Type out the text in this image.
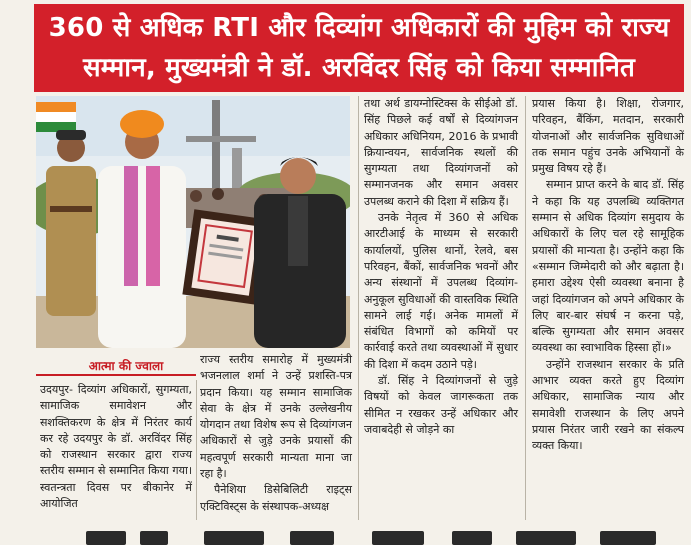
360 से अधिक RTI और दिव्यांग अधिकारों की मुहिम को राज्य
सम्मान, मुख्यमंत्री ने डॉ. अरविंदर सिंह को किया सम्मानित
आत्मा की ज्वाला

उदयपुर- दिव्यांग अधिकारों, सुगम्यता, सामाजिक समावेशन और सशक्तिकरण के क्षेत्र में निरंतर कार्य कर रहे उदयपुर के डॉ. अरविंदर सिंह को राजस्थान सरकार द्वारा राज्य स्तरीय सम्मान से सम्मानित किया गया। स्वतन्त्रता दिवस पर बीकानेर में आयोजित

राज्य स्तरीय समारोह में मुख्यमंत्री भजनलाल शर्मा ने उन्हें प्रशस्ति-पत्र प्रदान किया। यह सम्मान सामाजिक सेवा के क्षेत्र में उनके उल्लेखनीय योगदान तथा विशेष रूप से दिव्यांगजन अधिकारों से जुड़े उनके प्रयासों की महत्वपूर्ण सरकारी मान्यता माना जा रहा है।

पैनेशिया डिसेबिलिटी राइट्स एक्टिविस्ट्स के संस्थापक-अध्यक्ष

तथा अर्थ डायग्नोस्टिक्स के सीईओ डॉ. सिंह पिछले कई वर्षों से दिव्यांगजन अधिकार अधिनियम, 2016 के प्रभावी क्रियान्वयन, सार्वजनिक स्थलों की सुगम्यता तथा दिव्यांगजनों को सम्मानजनक और समान अवसर उपलब्ध कराने की दिशा में सक्रिय हैं।

उनके नेतृत्व में 360 से अधिक आरटीआई के माध्यम से सरकारी कार्यालयों, पुलिस थानों, रेलवे, बस परिवहन, बैंकों, सार्वजनिक भवनों और अन्य संस्थानों में उपलब्ध दिव्यांग-अनुकूल सुविधाओं की वास्तविक स्थिति सामने लाई गई। अनेक मामलों में संबंधित विभागों को कमियों पर कार्रवाई करते तथा व्यवस्थाओं में सुधार की दिशा में कदम उठाने पड़े।

डॉ. सिंह ने दिव्यांगजनों से जुड़े विषयों को केवल जागरूकता तक सीमित न रखकर उन्हें अधिकार और जवाबदेही से जोड़ने का

प्रयास किया है। शिक्षा, रोजगार, परिवहन, बैंकिंग, मतदान, सरकारी योजनाओं और सार्वजनिक सुविधाओं तक समान पहुंच उनके अभियानों के प्रमुख विषय रहे हैं।

सम्मान प्राप्त करने के बाद डॉ. सिंह ने कहा कि यह उपलब्धि व्यक्तिगत सम्मान से अधिक दिव्यांग समुदाय के अधिकारों के लिए चल रहे सामूहिक प्रयासों की मान्यता है। उन्होंने कहा कि «सम्मान जिम्मेदारी को और बढ़ाता है। हमारा उद्देश्य ऐसी व्यवस्था बनाना है जहां दिव्यांगजन को अपने अधिकार के लिए बार-बार संघर्ष न करना पड़े, बल्कि सुगम्यता और समान अवसर व्यवस्था का स्वाभाविक हिस्सा हों।»

उन्होंने राजस्थान सरकार के प्रति आभार व्यक्त करते हुए दिव्यांग अधिकार, सामाजिक न्याय और समावेशी राजस्थान के लिए अपने प्रयास निरंतर जारी रखने का संकल्प व्यक्त किया।
